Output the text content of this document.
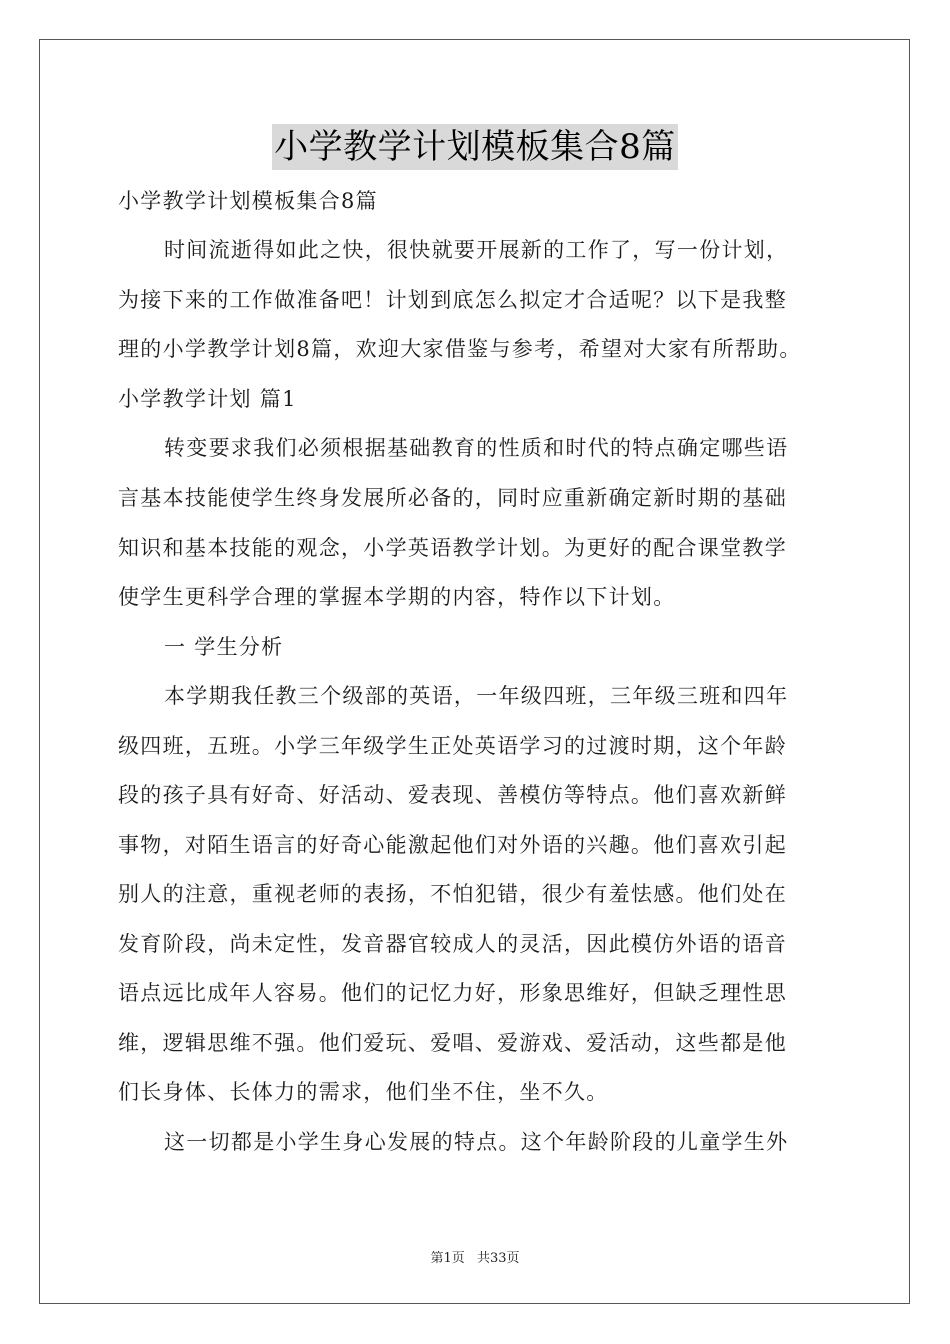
小学教学计划模板集合8篇
小学教学计划模板集合8篇
时间流逝得如此之快，很快就要开展新的工作了，写一份计划，
为接下来的工作做准备吧！计划到底怎么拟定才合适呢？以下是我整
理的小学教学计划8篇，欢迎大家借鉴与参考，希望对大家有所帮助。
小学教学计划 篇1
转变要求我们必须根据基础教育的性质和时代的特点确定哪些语
言基本技能使学生终身发展所必备的，同时应重新确定新时期的基础
知识和基本技能的观念，小学英语教学计划。为更好的配合课堂教学
使学生更科学合理的掌握本学期的内容，特作以下计划。
一 学生分析
本学期我任教三个级部的英语，一年级四班，三年级三班和四年
级四班，五班。小学三年级学生正处英语学习的过渡时期，这个年龄
段的孩子具有好奇、好活动、爱表现、善模仿等特点。他们喜欢新鲜
事物，对陌生语言的好奇心能激起他们对外语的兴趣。他们喜欢引起
别人的注意，重视老师的表扬，不怕犯错，很少有羞怯感。他们处在
发育阶段，尚未定性，发音器官较成人的灵活，因此模仿外语的语音
语点远比成年人容易。他们的记忆力好，形象思维好，但缺乏理性思
维，逻辑思维不强。他们爱玩、爱唱、爱游戏、爱活动，这些都是他
们长身体、长体力的需求，他们坐不住，坐不久。
这一切都是小学生身心发展的特点。这个年龄阶段的儿童学生外
第1页 共33页
